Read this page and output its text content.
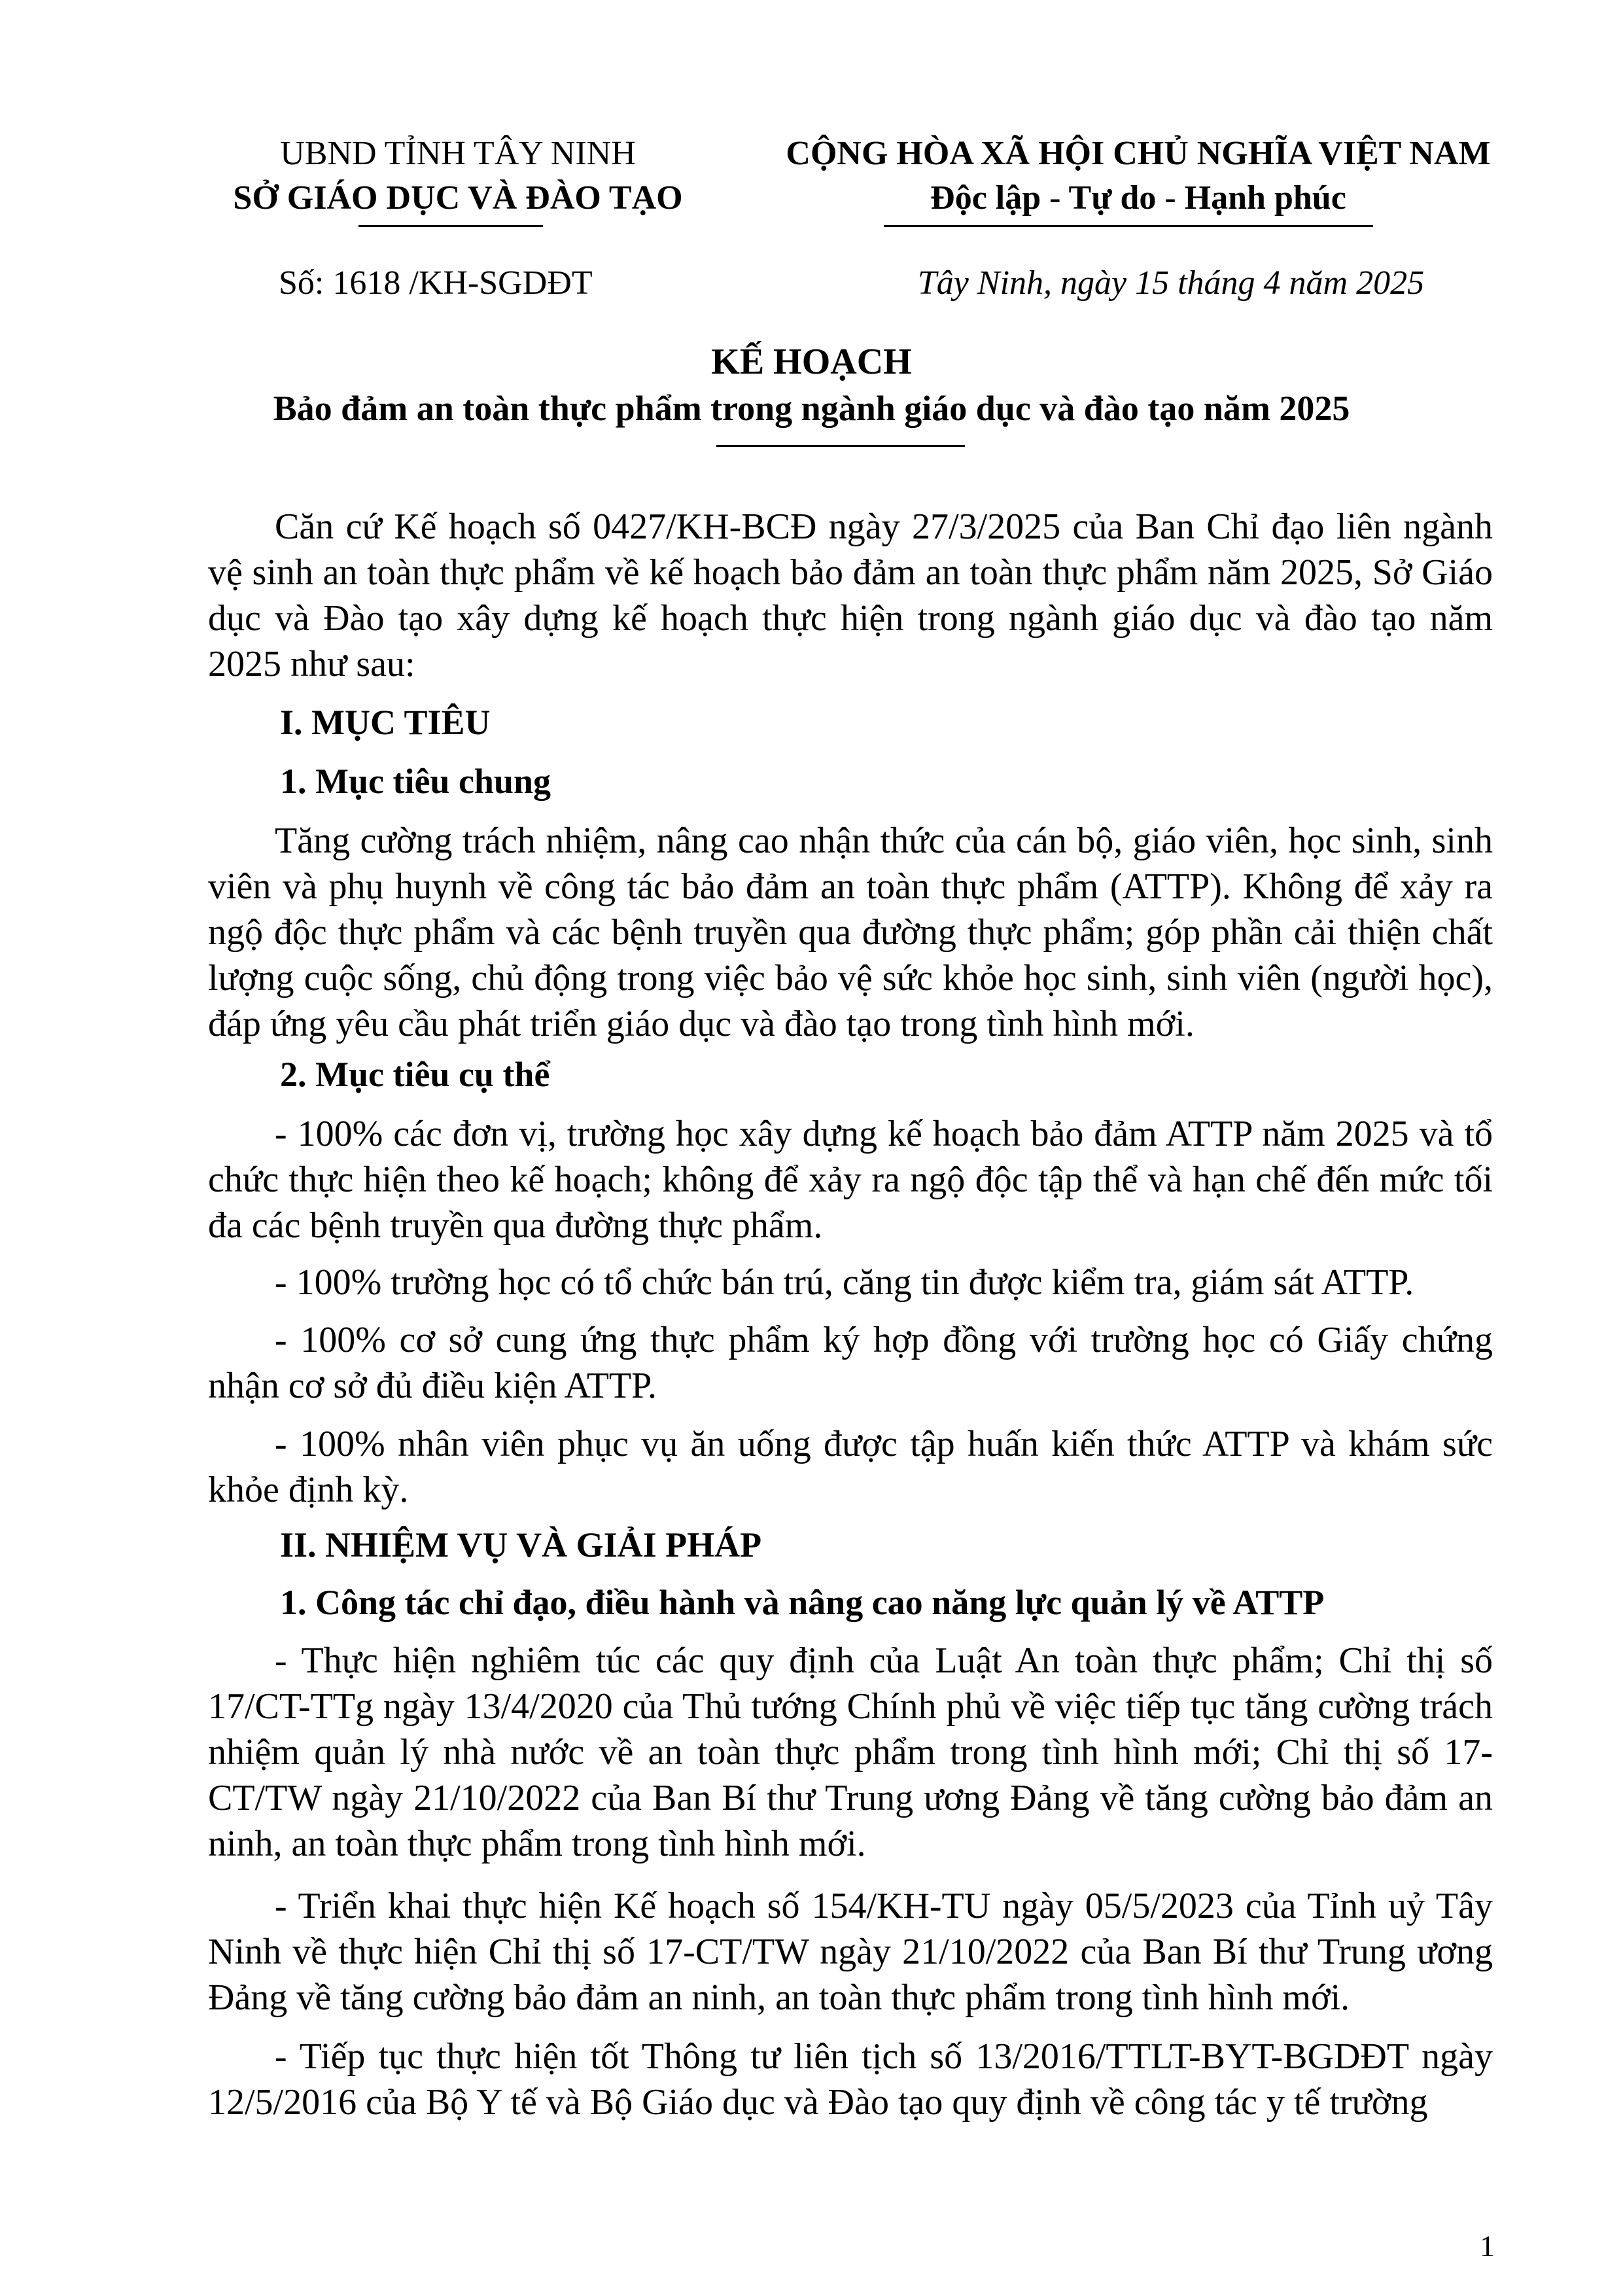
UBND TỈNH TÂY NINH
SỞ GIÁO DỤC VÀ ĐÀO TẠO
CỘNG HÒA XÃ HỘI CHỦ NGHĨA VIỆT NAM
Độc lập - Tự do - Hạnh phúc
Số: 1618 /KH-SGDĐT	Tây Ninh, ngày 15 tháng 4 năm 2025
KẾ HOẠCH
Bảo đảm an toàn thực phẩm trong ngành giáo dục và đào tạo năm 2025
Căn cứ Kế hoạch số 0427/KH-BCĐ ngày 27/3/2025 của Ban Chỉ đạo liên ngành vệ sinh an toàn thực phẩm về kế hoạch bảo đảm an toàn thực phẩm năm 2025, Sở Giáo dục và Đào tạo xây dựng kế hoạch thực hiện trong ngành giáo dục và đào tạo năm 2025 như sau:
I. MỤC TIÊU
1. Mục tiêu chung
Tăng cường trách nhiệm, nâng cao nhận thức của cán bộ, giáo viên, học sinh, sinh viên và phụ huynh về công tác bảo đảm an toàn thực phẩm (ATTP). Không để xảy ra ngộ độc thực phẩm và các bệnh truyền qua đường thực phẩm; góp phần cải thiện chất lượng cuộc sống, chủ động trong việc bảo vệ sức khỏe học sinh, sinh viên (người học), đáp ứng yêu cầu phát triển giáo dục và đào tạo trong tình hình mới.
2. Mục tiêu cụ thể
- 100% các đơn vị, trường học xây dựng kế hoạch bảo đảm ATTP năm 2025 và tổ chức thực hiện theo kế hoạch; không để xảy ra ngộ độc tập thể và hạn chế đến mức tối đa các bệnh truyền qua đường thực phẩm.
- 100% trường học có tổ chức bán trú, căng tin được kiểm tra, giám sát ATTP.
- 100% cơ sở cung ứng thực phẩm ký hợp đồng với trường học có Giấy chứng nhận cơ sở đủ điều kiện ATTP.
- 100% nhân viên phục vụ ăn uống được tập huấn kiến thức ATTP và khám sức khỏe định kỳ.
II. NHIỆM VỤ VÀ GIẢI PHÁP
1. Công tác chỉ đạo, điều hành và nâng cao năng lực quản lý về ATTP
- Thực hiện nghiêm túc các quy định của Luật An toàn thực phẩm; Chỉ thị số 17/CT-TTg ngày 13/4/2020 của Thủ tướng Chính phủ về việc tiếp tục tăng cường trách nhiệm quản lý nhà nước về an toàn thực phẩm trong tình hình mới; Chỉ thị số 17-CT/TW ngày 21/10/2022 của Ban Bí thư Trung ương Đảng về tăng cường bảo đảm an ninh, an toàn thực phẩm trong tình hình mới.
- Triển khai thực hiện Kế hoạch số 154/KH-TU ngày 05/5/2023 của Tỉnh uỷ Tây Ninh về thực hiện Chỉ thị số 17-CT/TW ngày 21/10/2022 của Ban Bí thư Trung ương Đảng về tăng cường bảo đảm an ninh, an toàn thực phẩm trong tình hình mới.
- Tiếp tục thực hiện tốt Thông tư liên tịch số 13/2016/TTLT-BYT-BGDĐT ngày 12/5/2016 của Bộ Y tế và Bộ Giáo dục và Đào tạo quy định về công tác y tế trường
1
